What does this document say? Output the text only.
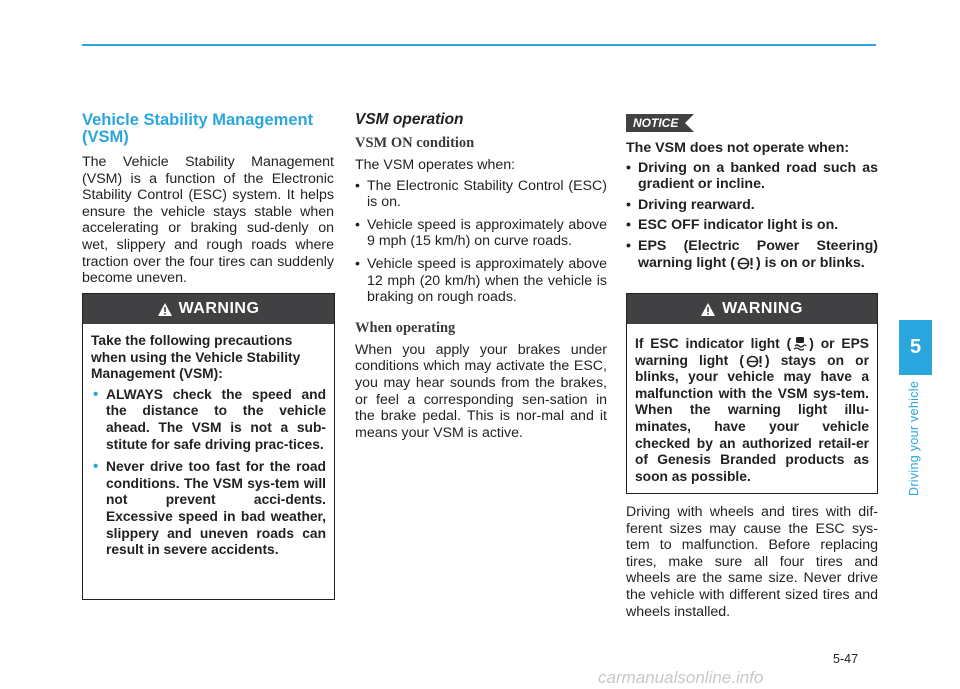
Vehicle Stability Management (VSM)

The Vehicle Stability Management (VSM) is a function of the Electronic Stability Control (ESC) system. It helps ensure the vehicle stays stable when accelerating or braking sud-denly on wet, slippery and rough roads where traction over the four tires can suddenly become uneven.

WARNING
Take the following precautions when using the Vehicle Stability Management (VSM):
• ALWAYS check the speed and the distance to the vehicle ahead. The VSM is not a sub-stitute for safe driving prac-tices.
• Never drive too fast for the road conditions. The VSM sys-tem will not prevent acci-dents. Excessive speed in bad weather, slippery and uneven roads can result in severe accidents.
VSM operation
VSM ON condition

The VSM operates when:

• The Electronic Stability Control (ESC) is on.
• Vehicle speed is approximately above 9 mph (15 km/h) on curve roads.
• Vehicle speed is approximately above 12 mph (20 km/h) when the vehicle is braking on rough roads.
When operating

When you apply your brakes under conditions which may activate the ESC, you may hear sounds from the brakes, or feel a corresponding sen-sation in the brake pedal. This is nor-mal and it means your VSM is active.

NOTICE

The VSM does not operate when:

• Driving on a banked road such as gradient or incline.
• Driving rearward.
• ESC OFF indicator light is on.
• EPS (Electric Power Steering) warning light ( ) is on or blinks.
WARNING
If ESC indicator light ( ) or EPS warning light ( ) stays on or blinks, your vehicle may have a malfunction with the VSM sys-tem. When the warning light illu-minates, have your vehicle checked by an authorized retail-er of Genesis Branded products as soon as possible.

Driving with wheels and tires with dif-ferent sizes may cause the ESC sys-tem to malfunction. Before replacing tires, make sure all four tires and wheels are the same size. Never drive the vehicle with different sized tires and wheels installed.

5
Driving your vehicle
5-47
carmanualsonline.info
